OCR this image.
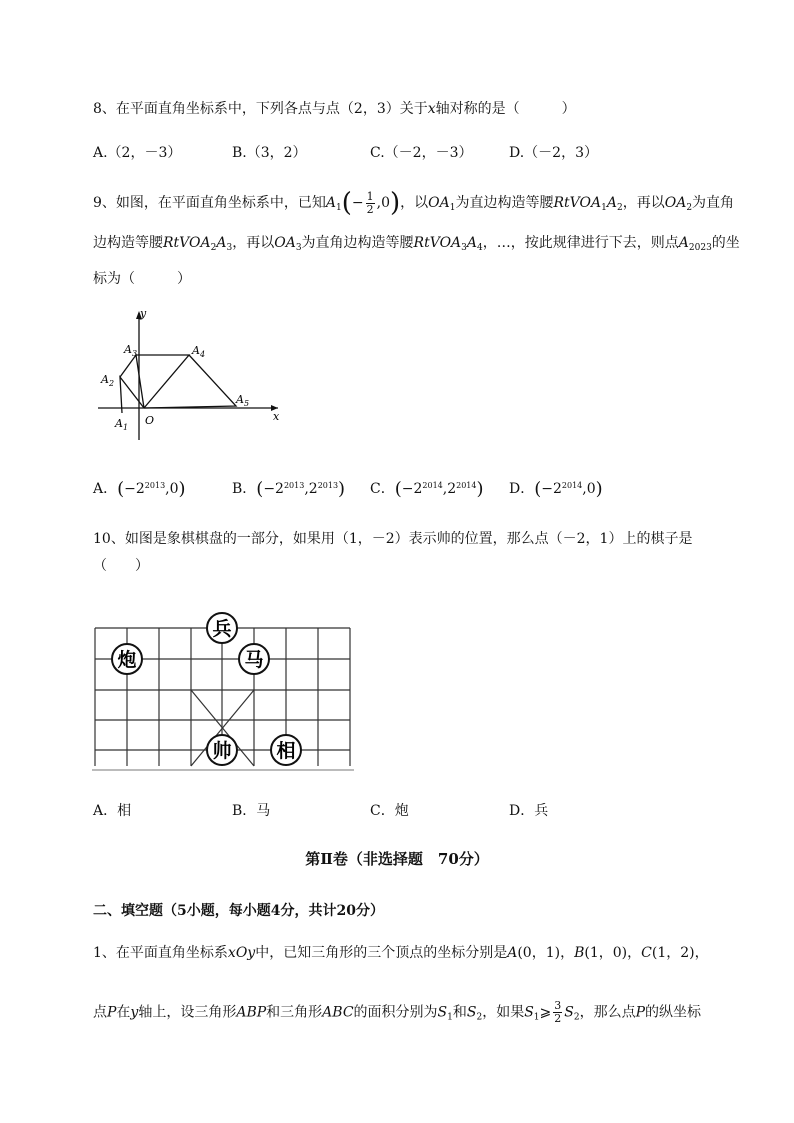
8、在平面直角坐标系中，下列各点与点（2，3）关于x轴对称的是（　　　）
A.（2，－3）	B.（3，2）	C.（－2，－3）	D.（－2，3）
9、如图，在平面直角坐标系中，已知$A_1(- \frac{1}{2} ,0)$，以$OA_1$为直边构造等腰$RtVOA_1A_2$，再以$OA_2$为直角
边构造等腰$RtVOA_2A_3$，再以$OA_3$为直角边构造等腰$RtVOA_3A_4$，…，按此规律进行下去，则点$A_{2023}$的坐
标为（　　　）
y
x
O
$A_1$
$A_2$
$A_3$	$A_4$
$A_5$
A．$(-2^{2013},0)$	B．$(-2^{2013},2^{2013})$ C．$(-2^{2014},2^{2014})$ D．$(-2^{2014},0)$
10、如图是象棋棋盘的一部分，如果用（1，－2）表示帅的位置，那么点（－2，1）上的棋子是
（　　）
兵
炮	马
帅 相
A．相	B．马	C．炮	D．兵
第Ⅱ卷（非选择题　70分）
二、填空题（5小题，每小题4分，共计20分）
1、在平面直角坐标系xOy中，已知三角形的三个顶点的坐标分别是A(0，1)，B(1，0)，C(1，2)，
点P在y轴上，设三角形ABP和三角形ABC的面积分别为$S_1$和$S_2$，如果$S_1⩾ \frac{3}{2} S_2$，那么点P的纵坐标
